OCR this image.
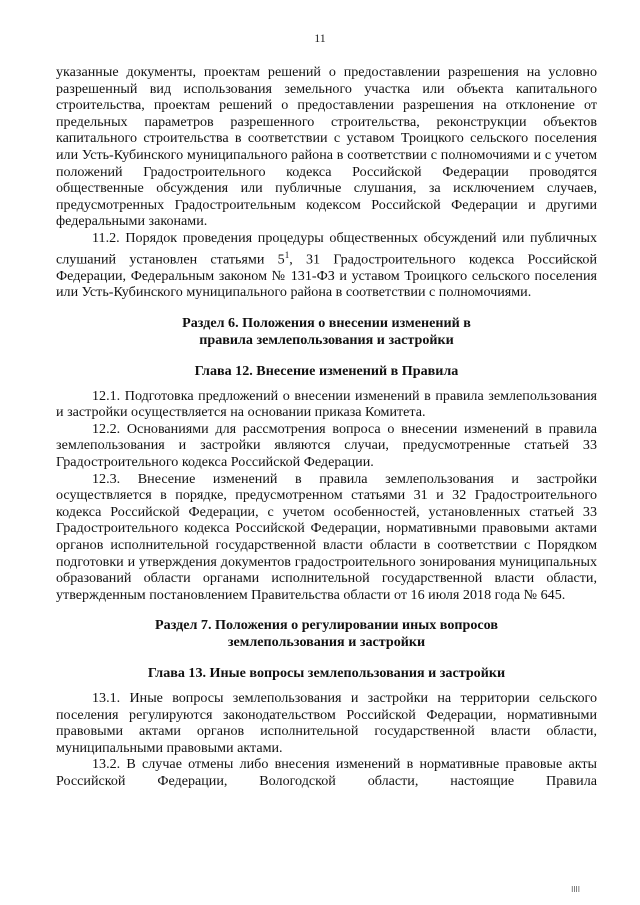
11

указанные документы, проектам решений о предоставлении разрешения на условно разрешенный вид использования земельного участка или объекта капитального строительства, проектам решений о предоставлении разрешения на отклонение от предельных параметров разрешенного строительства, реконструкции объектов капитального строительства в соответствии с уставом Троицкого сельского поселения или Усть-Кубинского муниципального района в соответствии с полномочиями и с учетом положений Градостроительного кодекса Российской Федерации проводятся общественные обсуждения или публичные слушания, за исключением случаев, предусмотренных Градостроительным кодексом Российской Федерации и другими федеральными законами.

11.2. Порядок проведения процедуры общественных обсуждений или публичных слушаний установлен статьями $5^1$, 31 Градостроительного кодекса Российской Федерации, Федеральным законом № 131-ФЗ и уставом Троицкого сельского поселения или Усть-Кубинского муниципального района в соответствии с полномочиями.

Раздел 6. Положения о внесении изменений в
правила землепользования и застройки
Глава 12. Внесение изменений в Правила

12.1. Подготовка предложений о внесении изменений в правила землепользования и застройки осуществляется на основании приказа Комитета.

12.2. Основаниями для рассмотрения вопроса о внесении изменений в правила землепользования и застройки являются случаи, предусмотренные статьей 33 Градостроительного кодекса Российской Федерации.

12.3. Внесение изменений в правила землепользования и застройки осуществляется в порядке, предусмотренном статьями 31 и 32 Градостроительного кодекса Российской Федерации, с учетом особенностей, установленных статьей 33 Градостроительного кодекса Российской Федерации, нормативными правовыми актами органов исполнительной государственной власти области в соответствии с Порядком подготовки и утверждения документов градостроительного зонирования муниципальных образований области органами исполнительной государственной власти области, утвержденным постановлением Правительства области от 16 июля 2018 года № 645.

Раздел 7. Положения о регулировании иных вопросов
землепользования и застройки
Глава 13. Иные вопросы землепользования и застройки

13.1. Иные вопросы землепользования и застройки на территории сельского поселения регулируются законодательством Российской Федерации, нормативными правовыми актами органов исполнительной государственной власти области, муниципальными правовыми актами.

13.2. В случае отмены либо внесения изменений в нормативные правовые акты Российской Федерации, Вологодской области, настоящие Правила

ІІІІ
